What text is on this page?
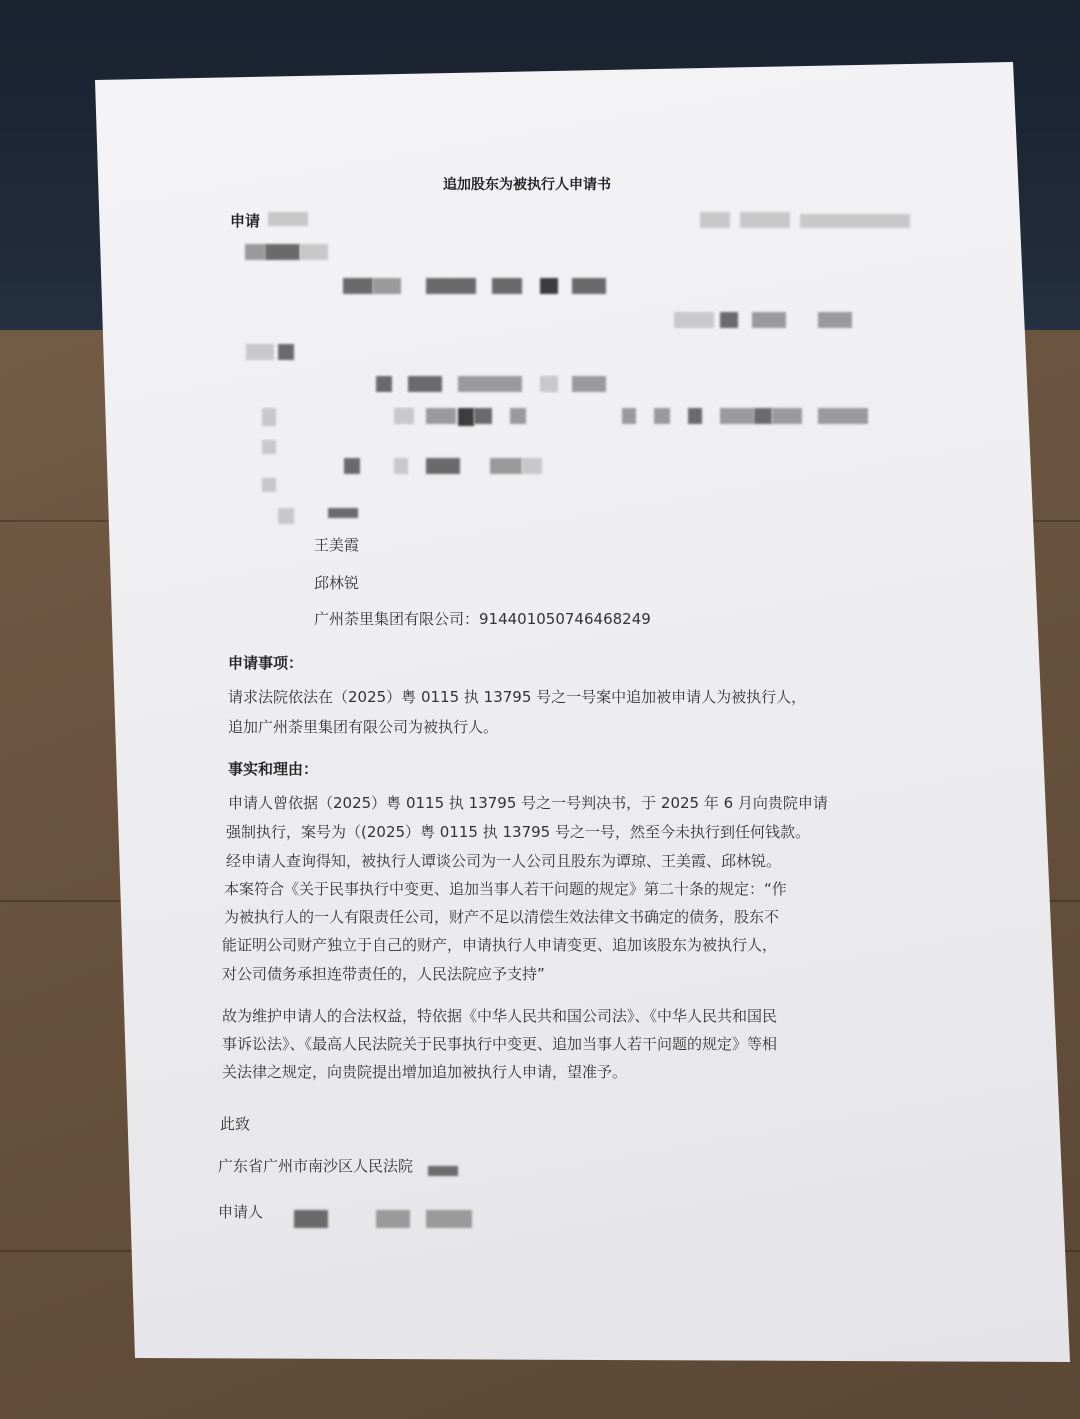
追加股东为被执行人申请书
申请
王美霞
邱林锐
广州荼里集团有限公司：914401050746468249
申请事项：
请求法院依法在（2025）粤 0115 执 13795 号之一号案中追加被申请人为被执行人，
追加广州荼里集团有限公司为被执行人。
事实和理由：
申请人曾依据（2025）粤 0115 执 13795 号之一号判决书，于 2025 年 6 月向贵院申请
强制执行，案号为（(2025）粤 0115 执 13795 号之一号，然至今未执行到任何钱款。
经申请人查询得知，被执行人谭谈公司为一人公司且股东为谭琼、王美霞、邱林锐。
本案符合《关于民事执行中变更、追加当事人若干问题的规定》第二十条的规定：“作
为被执行人的一人有限责任公司，财产不足以清偿生效法律文书确定的债务，股东不
能证明公司财产独立于自己的财产，申请执行人申请变更、追加该股东为被执行人，
对公司债务承担连带责任的，人民法院应予支持”
故为维护申请人的合法权益，特依据《中华人民共和国公司法》、《中华人民共和国民
事诉讼法》、《最高人民法院关于民事执行中变更、追加当事人若干问题的规定》等相
关法律之规定，向贵院提出增加追加被执行人申请，望准予。
此致
广东省广州市南沙区人民法院
申请人
